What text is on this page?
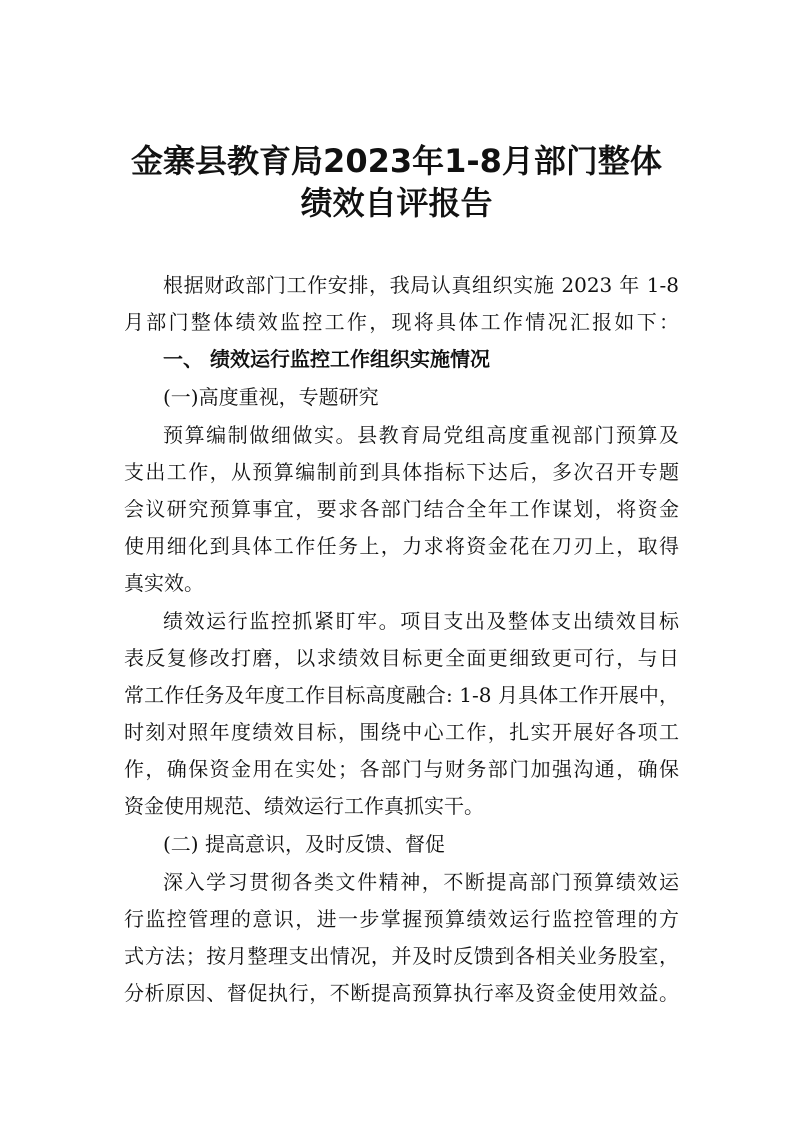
金寨县教育局2023年1-8月部门整体
绩效自评报告
根据财政部门工作安排，我局认真组织实施 2023 年 1-8
月部门整体绩效监控工作，现将具体工作情况汇报如下：
一、 绩效运行监控工作组织实施情况
(一)高度重视，专题研究
预算编制做细做实。县教育局党组高度重视部门预算及
支出工作，从预算编制前到具体指标下达后，多次召开专题
会议研究预算事宜，要求各部门结合全年工作谋划，将资金
使用细化到具体工作任务上，力求将资金花在刀刃上，取得
真实效。
绩效运行监控抓紧盯牢。项目支出及整体支出绩效目标
表反复修改打磨，以求绩效目标更全面更细致更可行，与日
常工作任务及年度工作目标高度融合: 1-8 月具体工作开展中，
时刻对照年度绩效目标，围绕中心工作，扎实开展好各项工
作，确保资金用在实处；各部门与财务部门加强沟通，确保
资金使用规范、绩效运行工作真抓实干。
(二) 提高意识，及时反馈、督促
深入学习贯彻各类文件精神，不断提高部门预算绩效运
行监控管理的意识，进一步掌握预算绩效运行监控管理的方
式方法；按月整理支出情况，并及时反馈到各相关业务股室，
分析原因、督促执行，不断提高预算执行率及资金使用效益。
